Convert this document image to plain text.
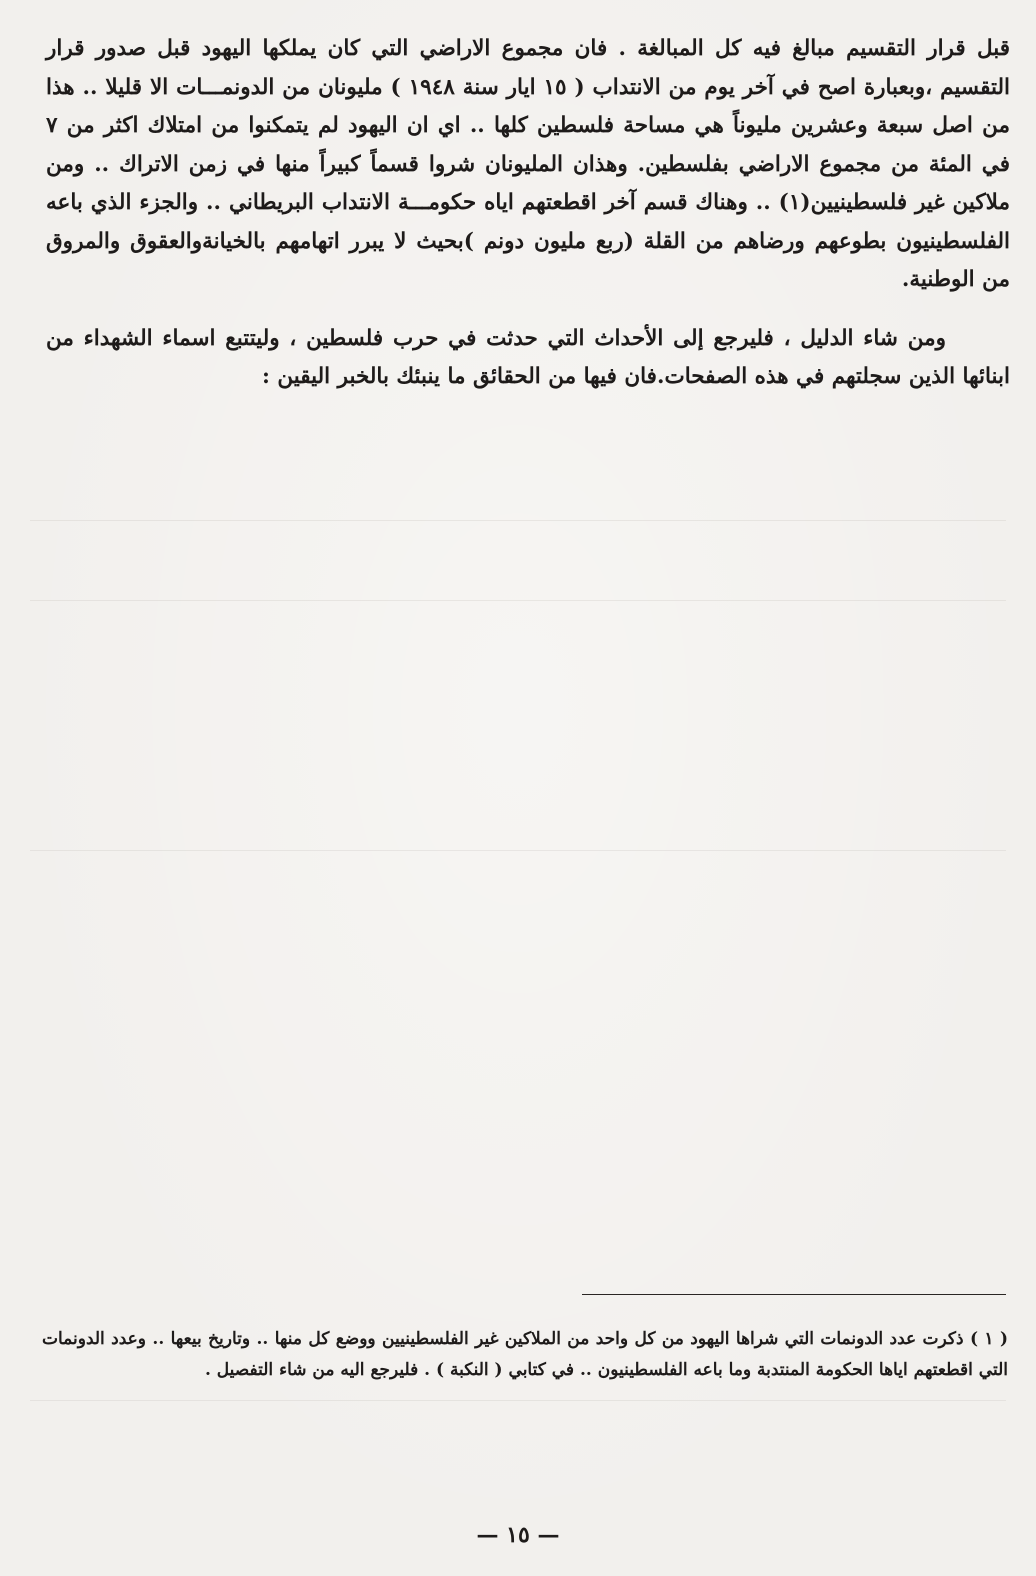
قبل قرار التقسيم مبالغ فيه كل المبالغة . فان مجموع الاراضي التي كان يملكها اليهود قبل صدور قرار التقسيم ،وبعبارة اصح في آخر يوم من الانتداب ( ١٥ ايار سنة ١٩٤٨ ) مليونان من الدونمـــات الا قليلا .. هذا من اصل سبعة وعشرين مليوناً هي مساحة فلسطين كلها .. اي ان اليهود لم يتمكنوا من امتلاك اكثر من ٧ في المئة من مجموع الاراضي بفلسطين. وهذان المليونان شروا قسماً كبيراً منها في زمن الاتراك .. ومن ملاكين غير فلسطينيين(١) .. وهناك قسم آخر اقطعتهم اياه حكومـــة الانتداب البريطاني .. والجزء الذي باعه الفلسطينيون بطوعهم ورضاهم من القلة (ربع مليون دونم )بحيث لا يبرر اتهامهم بالخيانةوالعقوق والمروق من الوطنية.

ومن شاء الدليل ، فليرجع إلى الأحداث التي حدثت في حرب فلسطين ، وليتتبع اسماء الشهداء من ابنائها الذين سجلتهم في هذه الصفحات.فان فيها من الحقائق ما ينبئك بالخبر اليقين :

( ١ ) ذكرت عدد الدونمات التي شراها اليهود من كل واحد من الملاكين غير الفلسطينيين ووضع كل منها .. وتاريخ بيعها .. وعدد الدونمات التي اقطعتهم اياها الحكومة المنتدبة وما باعه الفلسطينيون .. في كتابي ( النكبة ) . فليرجع اليه من شاء التفصيل .

— ١٥ —
